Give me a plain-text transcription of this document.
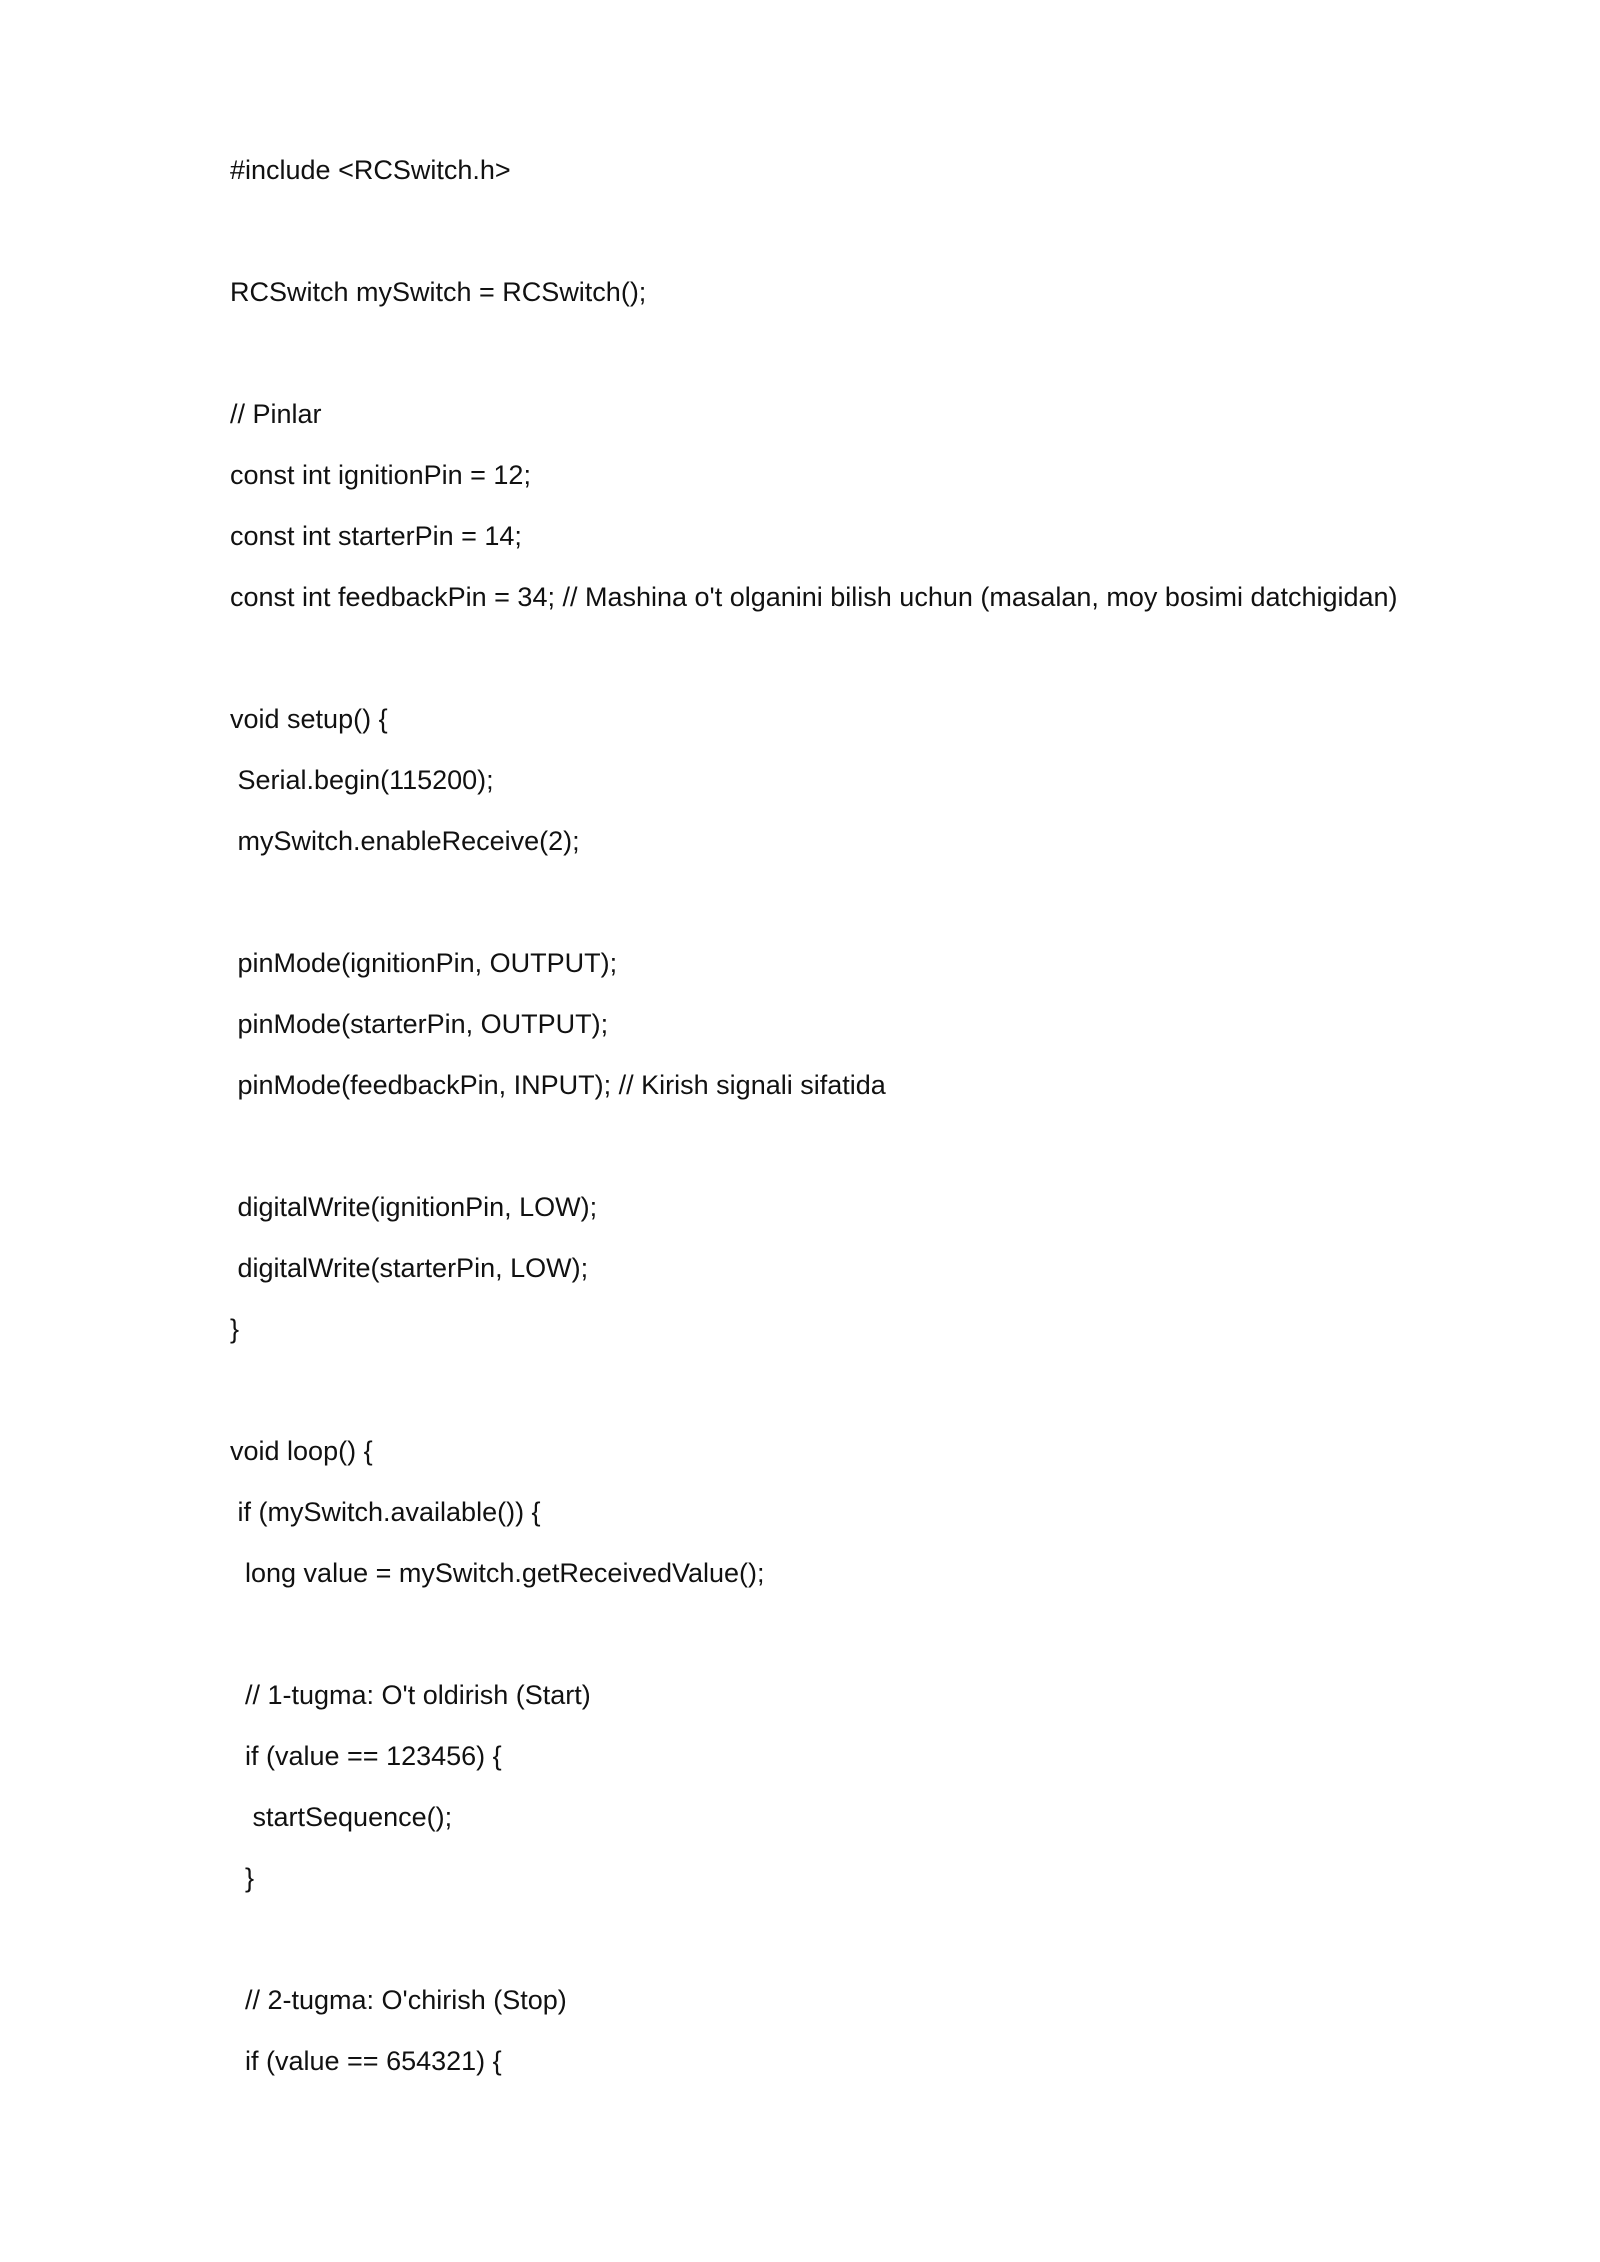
#include <RCSwitch.h>
RCSwitch mySwitch = RCSwitch();
// Pinlar
const int ignitionPin = 12;
const int starterPin = 14;
const int feedbackPin = 34; // Mashina o't olganini bilish uchun (masalan, moy bosimi datchigidan)
void setup() {
Serial.begin(115200);
mySwitch.enableReceive(2);
pinMode(ignitionPin, OUTPUT);
pinMode(starterPin, OUTPUT);
pinMode(feedbackPin, INPUT); // Kirish signali sifatida
digitalWrite(ignitionPin, LOW);
digitalWrite(starterPin, LOW);
}
void loop() {
if (mySwitch.available()) {
long value = mySwitch.getReceivedValue();
// 1-tugma: O't oldirish (Start)
if (value == 123456) {
startSequence();
}
// 2-tugma: O'chirish (Stop)
if (value == 654321) {
